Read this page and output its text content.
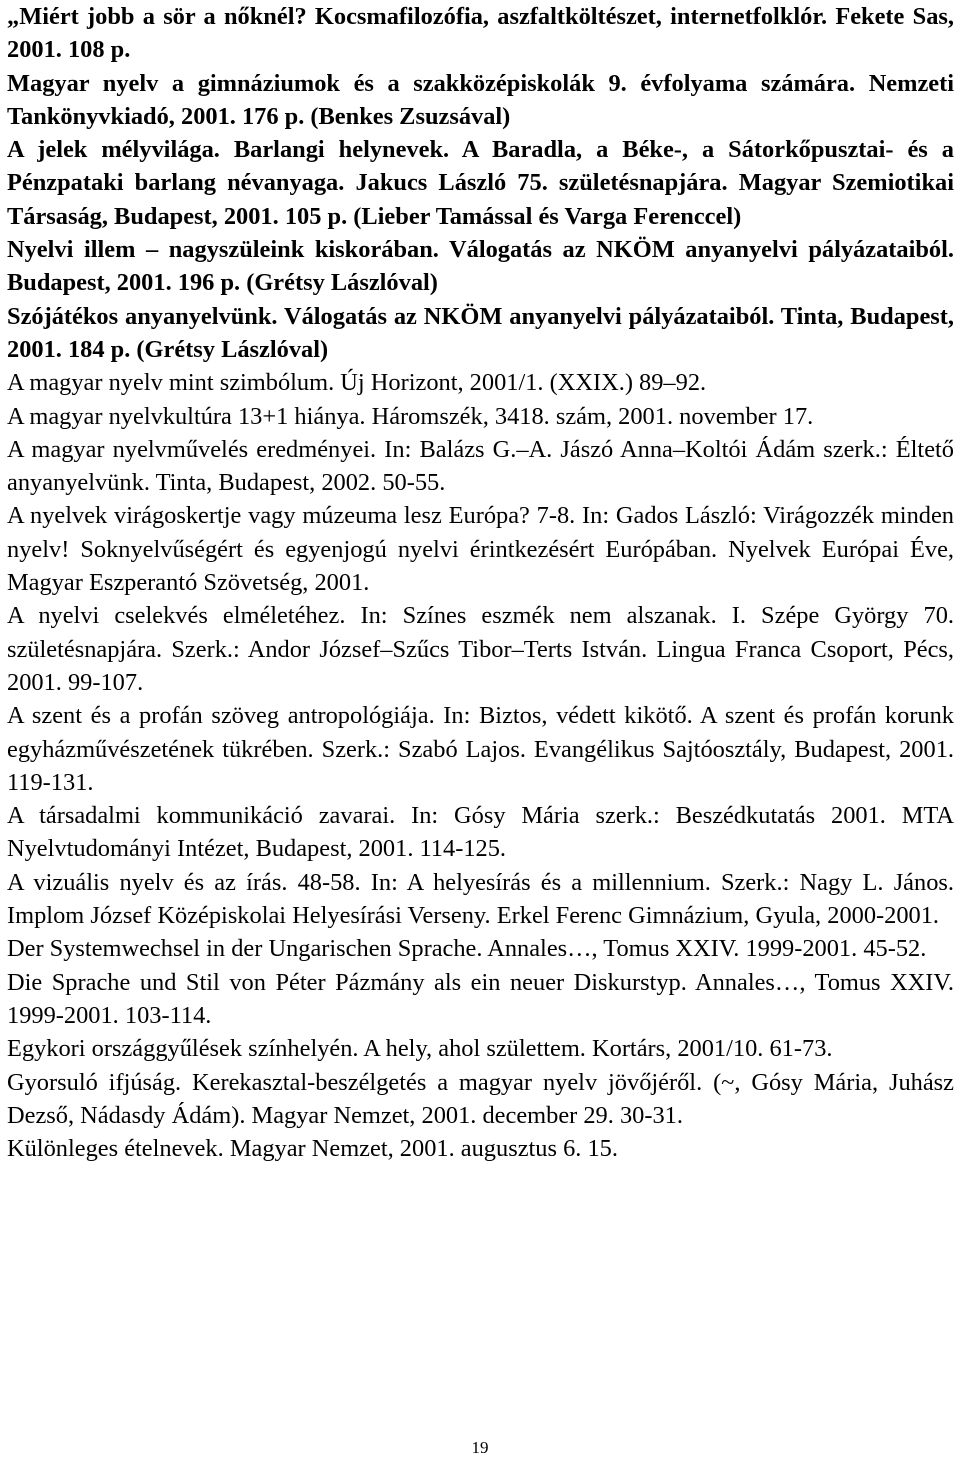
„Miért jobb a sör a nőknél? Kocsmafilozófia, aszfaltköltészet, internetfolklór. Fekete Sas, 2001. 108 p.

Magyar nyelv a gimnáziumok és a szakközépiskolák 9. évfolyama számára. Nemzeti Tankönyvkiadó, 2001. 176 p. (Benkes Zsuzsával)

A jelek mélyvilága. Barlangi helynevek. A Baradla, a Béke-, a Sátorkőpusztai- és a Pénzpataki barlang névanyaga. Jakucs László 75. születésnapjára. Magyar Szemiotikai Társaság, Budapest, 2001. 105 p. (Lieber Tamással és Varga Ferenccel)

Nyelvi illem – nagyszüleink kiskorában. Válogatás az NKÖM anyanyelvi pályázataiból. Budapest, 2001. 196 p. (Grétsy Lászlóval)

Szójátékos anyanyelvünk. Válogatás az NKÖM anyanyelvi pályázataiból. Tinta, Budapest, 2001. 184 p. (Grétsy Lászlóval)

A magyar nyelv mint szimbólum. Új Horizont, 2001/1. (XXIX.) 89–92.

A magyar nyelvkultúra 13+1 hiánya. Háromszék, 3418. szám, 2001. november 17.

A magyar nyelvművelés eredményei. In: Balázs G.–A. Jászó Anna–Koltói Ádám szerk.: Éltető anyanyelvünk. Tinta, Budapest, 2002. 50-55.

A nyelvek virágoskertje vagy múzeuma lesz Európa? 7-8. In: Gados László: Virágozzék minden nyelv! Soknyelvűségért és egyenjogú nyelvi érintkezésért Európában. Nyelvek Európai Éve, Magyar Eszperantó Szövetség, 2001.

A nyelvi cselekvés elméletéhez. In: Színes eszmék nem alszanak. I. Szépe György 70. születésnapjára. Szerk.: Andor József–Szűcs Tibor–Terts István. Lingua Franca Csoport, Pécs, 2001. 99-107.

A szent és a profán szöveg antropológiája. In: Biztos, védett kikötő. A szent és profán korunk egyházművészetének tükrében. Szerk.: Szabó Lajos. Evangélikus Sajtóosztály, Budapest, 2001. 119-131.

A társadalmi kommunikáció zavarai. In: Gósy Mária szerk.: Beszédkutatás 2001. MTA Nyelvtudományi Intézet, Budapest, 2001. 114-125.

A vizuális nyelv és az írás. 48-58. In: A helyesírás és a millennium. Szerk.: Nagy L. János. Implom József Középiskolai Helyesírási Verseny. Erkel Ferenc Gimnázium, Gyula, 2000-2001.

Der Systemwechsel in der Ungarischen Sprache. Annales…, Tomus XXIV. 1999-2001. 45-52.

Die Sprache und Stil von Péter Pázmány als ein neuer Diskurstyp. Annales…, Tomus XXIV. 1999-2001. 103-114.

Egykori országgyűlések színhelyén. A hely, ahol születtem. Kortárs, 2001/10. 61-73.

Gyorsuló ifjúság. Kerekasztal-beszélgetés a magyar nyelv jövőjéről. (~, Gósy Mária, Juhász Dezső, Nádasdy Ádám). Magyar Nemzet, 2001. december 29. 30-31.

Különleges ételnevek. Magyar Nemzet, 2001. augusztus 6. 15.

19
